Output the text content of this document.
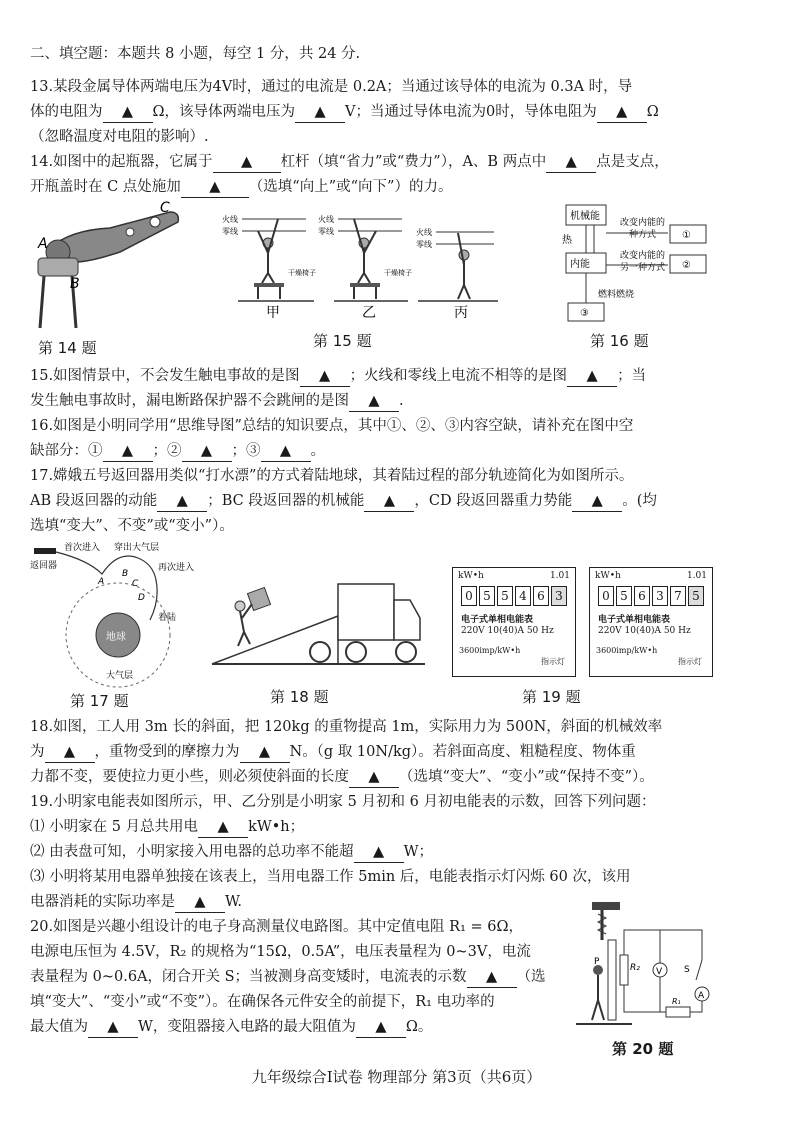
二、填空题：本题共 8 小题，每空 1 分，共 24 分.
13.某段金属导体两端电压为4V时，通过的电流是 0.2A；当通过该导体的电流为 0.3A 时，导
体的电阻为 ▲ Ω，该导体两端电压为 ▲ V；当通过导体电流为0时，导体电阻为 ▲ Ω
（忽略温度对电阻的影响）.
14.如图中的起瓶器，它属于 ▲ 杠杆（填“省力”或“费力”），A、B 两点中 ▲ 点是支点，
开瓶盖时在 C 点处施加 ▲ （选填“向上”或“向下”）的力。
A
B
C
第 14 题
火线
零线
火线
零线	火线
零线
干燥椅子	干燥椅子
甲	乙	丙
第 15 题
机械能
热
内能
改变内能的
一种方式	①
改变内能的
另一种方式 ②
燃料燃烧
③
第 16 题
15.如图情景中，不会发生触电事故的是图 ▲ ；火线和零线上电流不相等的是图 ▲ ；当
发生触电事故时，漏电断路保护器不会跳闸的是图 ▲ .
16.如图是小明同学用“思维导图”总结的知识要点，其中①、②、③内容空缺，请补充在图中空
缺部分：① ▲ ；② ▲ ；③ ▲ 。
17.嫦娥五号返回器用类似“打水漂”的方式着陆地球，其着陆过程的部分轨迹简化为如图所示。
AB 段返回器的动能 ▲ ；BC 段返回器的机械能 ▲ ，CD 段返回器重力势能 ▲ 。(均
选填“变大”、不变”或“变小”）。
地球
大气层
返回器
首次进入 穿出大气层
A
B
C
D
再次进入
着陆
第 17 题	第 18 题
kW•h	1.01
0 5 5 4 6 3
电子式单相电能表
220V 10(40)A 50 Hz
3600imp/kW•h
指示灯
kW•h	1.01
0 5 6 3 7 5
电子式单相电能表
220V 10(40)A 50 Hz
3600imp/kW•h
指示灯
第 19 题
18.如图，工人用 3m 长的斜面，把 120kg 的重物提高 1m，实际用力为 500N，斜面的机械效率
为 ▲ ，重物受到的摩擦力为 ▲ N。（g 取 10N/kg）。若斜面高度、粗糙程度、物体重
力都不变，要使拉力更小些，则必须使斜面的长度 ▲ （选填“变大”、“变小”或“保持不变”）。
19.小明家电能表如图所示，甲、乙分别是小明家 5 月初和 6 月初电能表的示数，回答下列问题：
⑴ 小明家在 5 月总共用电 ▲ kW•h；
⑵ 由表盘可知，小明家接入用电器的总功率不能超 ▲ W；
⑶ 小明将某用电器单独接在该表上，当用电器工作 5min 后，电能表指示灯闪烁 60 次，该用
电器消耗的实际功率是 ▲ W.
20.如图是兴趣小组设计的电子身高测量仪电路图。其中定值电阻 R₁ = 6Ω，
电源电压恒为 4.5V，R₂ 的规格为“15Ω，0.5A”，电压表量程为 0~3V，电流
表量程为 0~0.6A，闭合开关 S；当被测身高变矮时，电流表的示数 ▲ （选
填“变大”、“变小”或“不变”）。在确保各元件安全的前提下，R₁ 电功率的
最大值为 ▲ W，变阻器接入电路的最大阻值为 ▲ Ω。
P
R₂ V S
A
R₁
第 20 题
九年级综合Ⅰ试卷 物理部分 第3页（共6页）
